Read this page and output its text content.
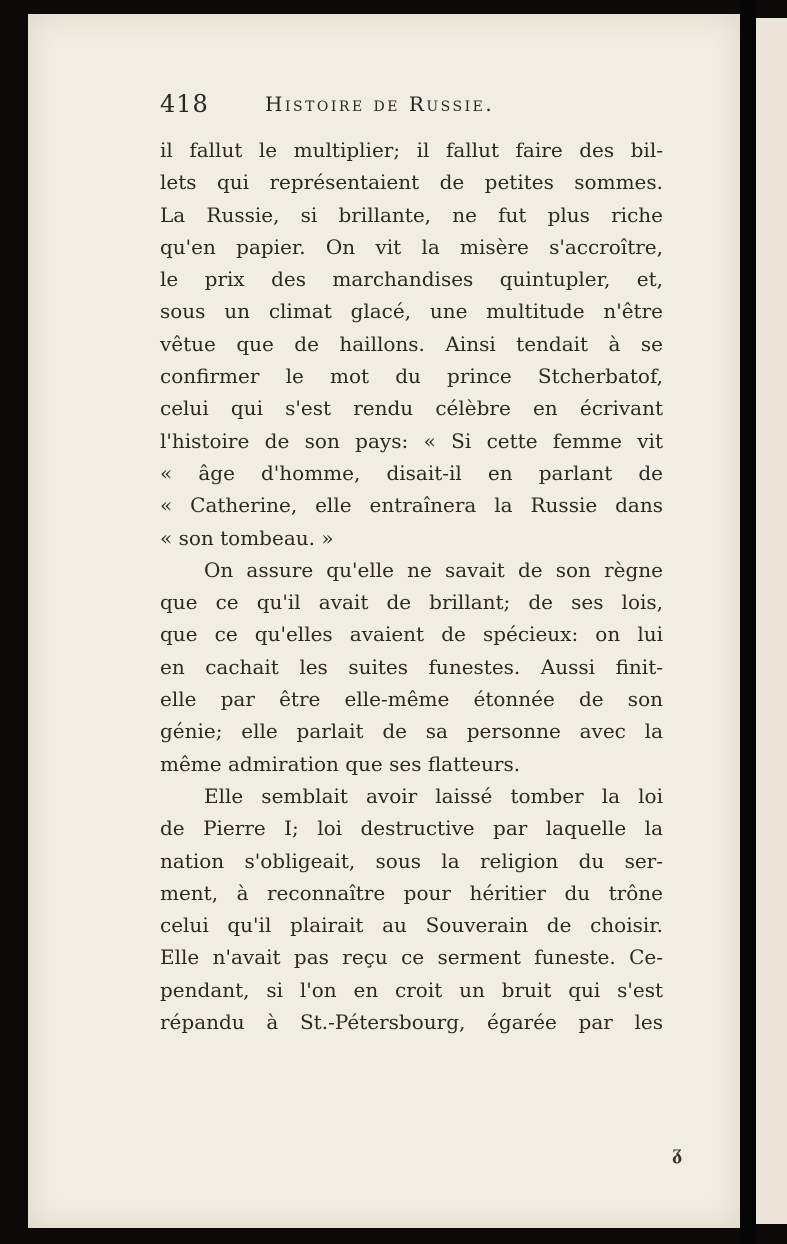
418	Histoire de Russie.
il fallut le multiplier; il fallut faire des bil-
lets qui représentaient de petites sommes.
La Russie, si brillante, ne fut plus riche
qu'en papier. On vit la misère s'accroître,
le prix des marchandises quintupler, et,
sous un climat glacé, une multitude n'être
vêtue que de haillons. Ainsi tendait à se
confirmer le mot du prince Stcherbatof,
celui qui s'est rendu célèbre en écrivant
l'histoire de son pays: « Si cette femme vit
« âge d'homme, disait-il en parlant de
« Catherine, elle entraînera la Russie dans
« son tombeau. »
On assure qu'elle ne savait de son règne
que ce qu'il avait de brillant; de ses lois,
que ce qu'elles avaient de spécieux: on lui
en cachait les suites funestes. Aussi finit-
elle par être elle-même étonnée de son
génie; elle parlait de sa personne avec la
même admiration que ses flatteurs.
Elle semblait avoir laissé tomber la loi
de Pierre I; loi destructive par laquelle la
nation s'obligeait, sous la religion du ser-
ment, à reconnaître pour héritier du trône
celui qu'il plairait au Souverain de choisir.
Elle n'avait pas reçu ce serment funeste. Ce-
pendant, si l'on en croit un bruit qui s'est
répandu à St.-Pétersbourg, égarée par les
ᵹ
